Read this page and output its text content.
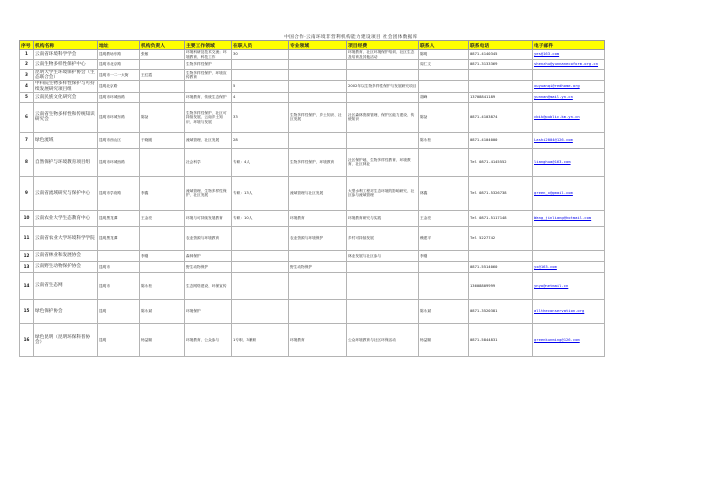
中国合作·云南环境非营利机构能力建设项目 社会团体数据库
序号	机构名称	地址	机构负责人	主要工作领域	在职人员	专业领域	项目经费	联系人	联系电话	电子邮件
1	云南省环境科学学会	昆明教场东路	张敏	环境科研及技术交流；环境教育、科技工作	30		环境教育、社区环境保护培训、社区生态及培育及其他活动	陈明	0871-4140345	yes@163.com
2	云南生物多样性保护中心	昆明市北京路		生物多样性保护				周仁文	0871-3133369	shenzhu@yunnanecoform.org.cn
3	昆明大学生环境保护协会（生态联合会）	昆明市一二一大街	王红霞	生物多样性保护、环境宣传教育						
4	中科院生物多样性保护与可持续发展研究项目组	昆明北京路			5		2002年以生物多样性保护与发展研究项目			xuyuanqi@redhome.org
5	云南民族文化研究会	昆明市环城西路		环境教育、传统生态保护	4			胡峰	13708841189	yunnan@mail.yn.cn
6	云南省生物多样性和传统知识研究会	昆明市环城东路	陈劼	生物多样性保护、社区可持续发展、云南乡土知识、环境与发展	33	生物多样性保护、乡土知识、社区发展	社区森林资源管理、保护区能力建设、传统知识	陈劼	0871-4103874	cbik@public.km.yn.cn
7	绿色流域	昆明市西山区	于晓刚	流域管理、社区发展	28			陈永松	0871-4104000	Lashi2004@126.com
8	自然保护与环境教育项目组	昆明市环城西路		社会科学	专职：4人	生物多样性保护、环境教育	社区保护地、生物多样性教育、环境教育、社区林业		Tel 0871-4145552	lianghua@163.com
9	云南省流域研究与保护中心	昆明市学府路	李鑫	流域管理、生物多样性保护、社区发展	专职：13人	流域管理与社区发展	大型水利工程对生态环境的影响研究、社区参与流域管理	林鑫	Tel 0871-5326738	green_x@gmail.com
10	云南农业大学生态教育中心	昆明黑龙潭	王金亮	环境与可持续发展教育	专职：10人	环境教育	环境教育研究与实践	王金亮	Tel 0871-5117148	Wang_jinliang@hotmail.com
11	云南省农业大学环境科学学院	昆明黑龙潭		农业资源与环境教育		农业资源与环境保护	乡村可持续发展	赖建平	Tel 5227742	
12	云南省林业和发展协会		李刚	森林保护			林业发展与社区参与	李刚		
13	云南野生动物保护协会	昆明市		野生动物保护		野生动物保护			0871-5514060	yx@163.com
14	云南省生态网	昆明市	陈永松	生态网络建设、环保宣传					13608809999	ynyo@netmail.cn
15	绿色保护协会	昆明	陈永斌	环境保护				陈永斌	0871-3520381	alltheconservation.org
16	绿色昆明（昆明环保科普协会）	昆明	杨益顺	环境教育、公众参与	1专职、3兼职	环境教育	公众环境教育与社区环保活动	杨益顺	0871-5844831	greenkunming@126.com
